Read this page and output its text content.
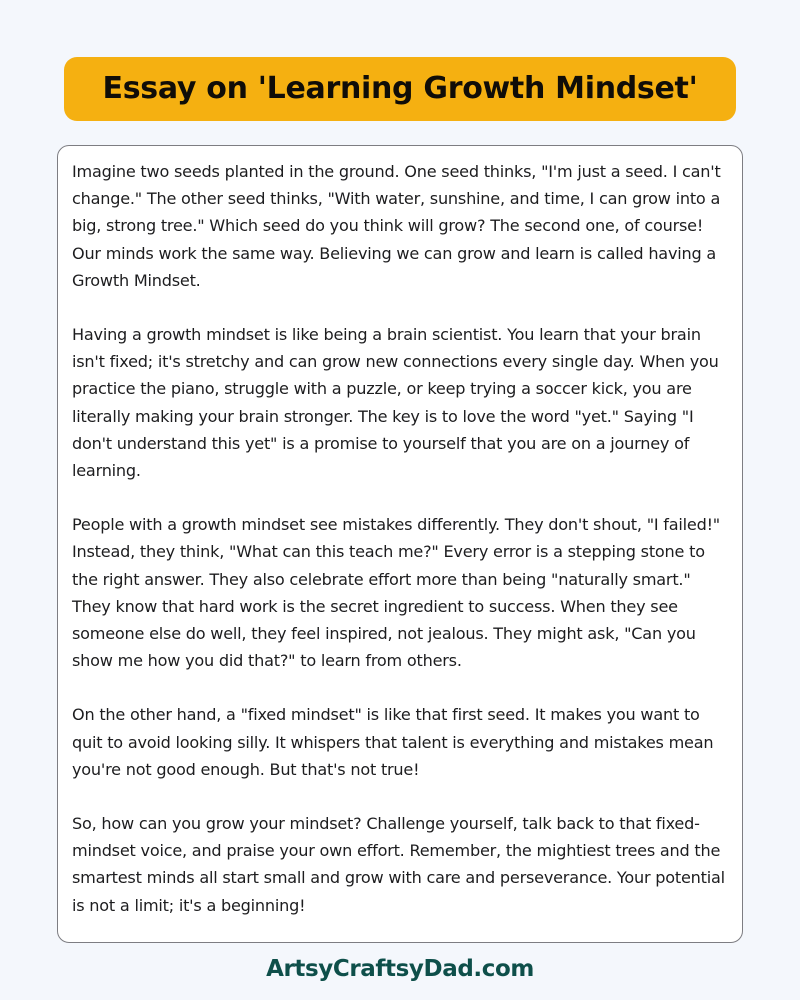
Essay on 'Learning Growth Mindset'

Imagine two seeds planted in the ground. One seed thinks, "I'm just a seed. I can't change." The other seed thinks, "With water, sunshine, and time, I can grow into a big, strong tree." Which seed do you think will grow? The second one, of course! Our minds work the same way. Believing we can grow and learn is called having a Growth Mindset.

Having a growth mindset is like being a brain scientist. You learn that your brain isn't fixed; it's stretchy and can grow new connections every single day. When you practice the piano, struggle with a puzzle, or keep trying a soccer kick, you are literally making your brain stronger. The key is to love the word "yet." Saying "I don't understand this yet" is a promise to yourself that you are on a journey of learning.

People with a growth mindset see mistakes differently. They don't shout, "I failed!" Instead, they think, "What can this teach me?" Every error is a stepping stone to the right answer. They also celebrate effort more than being "naturally smart." They know that hard work is the secret ingredient to success. When they see someone else do well, they feel inspired, not jealous. They might ask, "Can you show me how you did that?" to learn from others.

On the other hand, a "fixed mindset" is like that first seed. It makes you want to quit to avoid looking silly. It whispers that talent is everything and mistakes mean you're not good enough. But that's not true!

So, how can you grow your mindset? Challenge yourself, talk back to that fixed-mindset voice, and praise your own effort. Remember, the mightiest trees and the smartest minds all start small and grow with care and perseverance. Your potential is not a limit; it's a beginning!

ArtsyCraftsyDad.com
